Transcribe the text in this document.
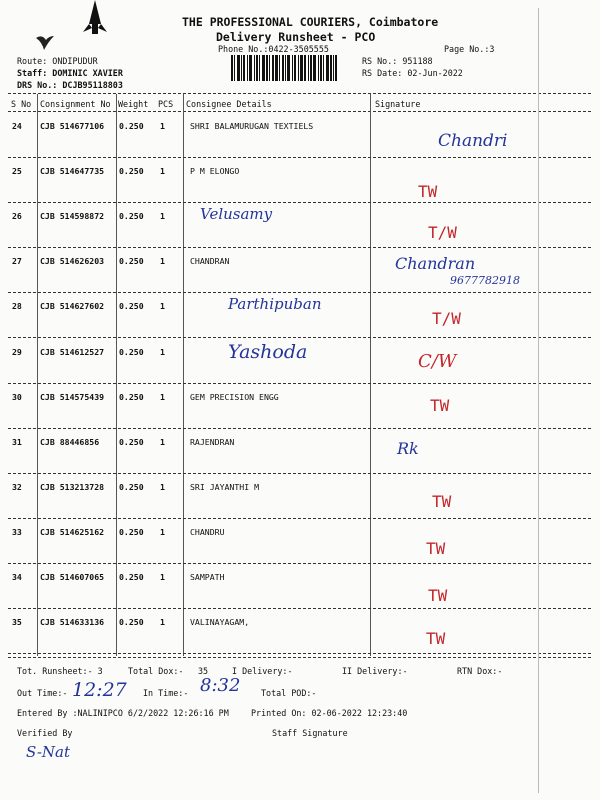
THE PROFESSIONAL COURIERS, Coimbatore
Delivery Runsheet - PCO
Phone No.:0422-3505555	Page No.:3
RS No.: 951188
RS Date: 02-Jun-2022
Route: ONDIPUDUR
Staff: DOMINIC XAVIER
DRS No.: DCJB95118803
S No Consignment No Weight PCS Consignee Details	Signature
24 CJB 514677106 0.250 1	SHRI BALAMURUGAN TEXTIELS
Chandri
25 CJB 514647735 0.250 1	P M ELONGO
TW
26 CJB 514598872 0.250 1 Velusamy
T/W
27 CJB 514626203 0.250 1	CHANDRAN	Chandran
9677782918
28 CJB 514627602 0.250 1	Parthipuban
T/W
29 CJB 514612527 0.250 1	Yashoda	C/W
30 CJB 514575439 0.250 1	GEM PRECISION ENGG	TW
31 CJB 88446856 0.250 1	RAJENDRAN	Rk
32 CJB 513213728 0.250 1	SRI JAYANTHI M
TW
33 CJB 514625162 0.250 1	CHANDRU
TW
34 CJB 514607065 0.250 1	SAMPATH
TW
35 CJB 514633136 0.250 1	VALINAYAGAM,
TW
Tot. Runsheet:- 3	Total Dox:- 35	I Delivery:-	II Delivery:-	RTN Dox:-
Out Time:- 12:27 In Time:- 8:32 Total POD:-
Entered By :NALINIPCO 6/2/2022 12:26:16 PM	Printed On: 02-06-2022 12:23:40
Verified By	Staff Signature
S-Nat
